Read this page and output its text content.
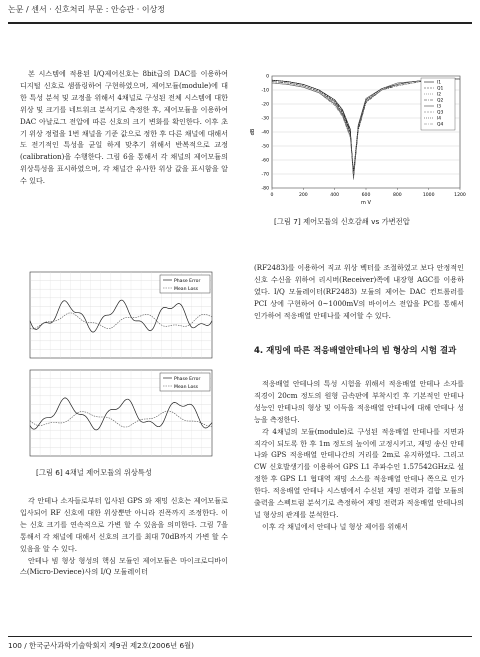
논문 / 센서 · 신호처리 부문 : 안승관 · 이상정

본 시스템에 적용된 I/Q제어신호는 8bit급의 DAC를 이용하여 디지털 신호로 샘플링하여 구현하였으며, 제어모듈(module)에 대한 특성 분석 및 교정을 위해서 4채널로 구성된 전체 시스템에 대한 위상 및 크기를 네트워크 분석기로 측정한 후, 제어모듈을 이용하여 DAC 아날로그 전압에 따른 신호의 크기 변화를 확인한다. 이후 초기 위상 정렬을 1번 채널을 기준 값으로 정한 후 다른 채널에 대해서도 전기적인 특성을 균일 하게 맞추기 위해서 반복적으로 교정(calibration)을 수행한다. 그림 6을 통해서 각 채널의 제어모듈의 위상특성을 표시하였으며, 각 채널간 유사한 위상 값을 표시함을 알 수 있다.

Phase Error
Mean Loss
Phase Error
Mean Loss
[그림 6] 4채널 제어모듈의 위상특성

각 안테나 소자들로부터 입사된 GPS 와 재밍 신호는 제어모듈로 입사되어 RF 신호에 대한 위상뿐만 아니라 진폭까지 조정한다. 이는 신호 크기를 연속적으로 가변 할 수 있음을 의미한다. 그림 7을 통해서 각 채널에 대해서 신호의 크기를 최대 70dB까지 가변 할 수 있음을 알 수 있다.

안테나 빔 형상 형성의 핵심 모듈인 제어모듈은 마이크로디바이스(Micro-Deviece)사의 I/Q 모듈레이터

0
-10
-20
-30
-40
-50
-60
-70
-80
0	200	400	600	800	1000	1200
m V
dB
I1
Q1
I2
Q2
I3
Q3
I4
Q4
[그림 7] 제어모듈의 신호감쇄 vs 가변전압

(RF2483)를 이용하여 직교 위상 벡터를 조절하였고 보다 안정적인 신호 수신을 위하여 리시버(Receiver)쪽에 내장형 AGC를 이용하였다. I/Q 모듈레이터(RF2483) 모듈의 제어는 DAC 컨트롤러를 PCI 상에 구현하여 0~1000mV의 바이어스 전압을 PC를 통해서 인가하여 적응배열 안테나를 제어할 수 있다.

4. 재밍에 따른 적응배열안테나의 빔 형상의 시험 결과

적응배열 안테나의 특성 시험을 위해서 적응배열 안테나 소자를 직경이 20cm 정도의 원형 금속판에 부착시킨 후 기본적인 안테나 성능인 안테나의 형상 및 이득을 적응배열 안테나에 대해 안테나 성능을 측정한다.

각 4채널의 모듈(module)로 구성된 적응배열 안테나를 지면과 직각이 되도록 한 후 1m 정도의 높이에 고정시키고, 재밍 송신 안테나와 GPS 적응배열 안테나간의 거리를 2m로 유지하였다. 그리고 CW 신호발생기를 이용하여 GPS L1 주파수인 1.57542GHz로 설정한 후 GPS L1 협대역 재밍 소스를 적응배열 안테나 쪽으로 인가한다. 적응배열 안테나 시스템에서 수신된 재밍 전력과 결합 모듈의 출력을 스펙트럼 분석기로 측정하여 재밍 전력과 적응배열 안테나의 널 형상의 관계를 분석한다.

이후 각 채널에서 안테나 널 형상 제어를 위해서

100 / 한국군사과학기술학회지 제9권 제2호(2006년 6월)
